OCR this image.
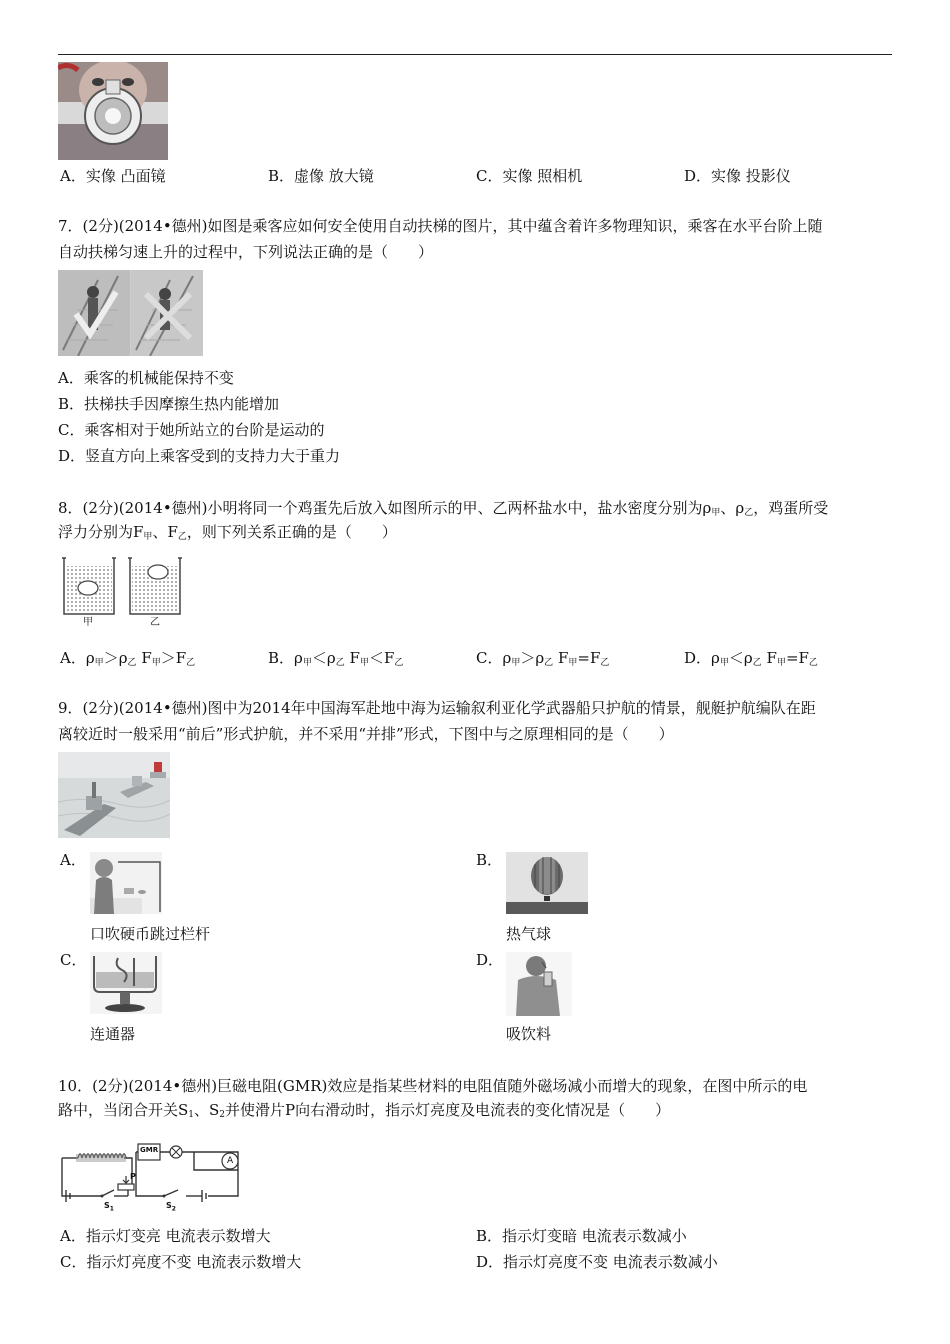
A．实像 凸面镜	B．虚像 放大镜	C．实像 照相机	D．实像 投影仪
7．(2分)(2014•德州)如图是乘客应如何安全使用自动扶梯的图片，其中蕴含着许多物理知识，乘客在水平台阶上随
自动扶梯匀速上升的过程中，下列说法正确的是（　　）
A．乘客的机械能保持不变
B．扶梯扶手因摩擦生热内能增加
C．乘客相对于她所站立的台阶是运动的
D．竖直方向上乘客受到的支持力大于重力
8．(2分)(2014•德州)小明将同一个鸡蛋先后放入如图所示的甲、乙两杯盐水中，盐水密度分别为$\rho_甲$、$\rho_乙$，鸡蛋所受
浮力分别为$F_甲$、$F_乙$，则下列关系正确的是（　　）
甲	乙
A．$\rho_甲>\rho_乙$ $F_甲>F_乙$	B．$\rho_甲<\rho_乙$ $F_甲<F_乙$	C．$\rho_甲>\rho_乙$ $F_甲=F_乙$	D．$\rho_甲<\rho_乙$ $F_甲=F_乙$
9．(2分)(2014•德州)图中为2014年中国海军赴地中海为运输叙利亚化学武器船只护航的情景，舰艇护航编队在距
离较近时一般采用“前后”形式护航，并不采用“并排”形式，下图中与之原理相同的是（　　）
A．
口吹硬币跳过栏杆
B．
热气球
C．
连通器
D．
吸饮料
10．(2分)(2014•德州)巨磁电阻(GMR)效应是指某些材料的电阻值随外磁场减小而增大的现象，在图中所示的电
路中，当闭合开关$S_1$、$S_2$并使滑片P向右滑动时，指示灯亮度及电流表的变化情况是（　　）
GMR
A
P
$S_1$	$S_2$
A．指示灯变亮 电流表示数增大	B．指示灯变暗 电流表示数减小
C．指示灯亮度不变 电流表示数增大	D．指示灯亮度不变 电流表示数减小
